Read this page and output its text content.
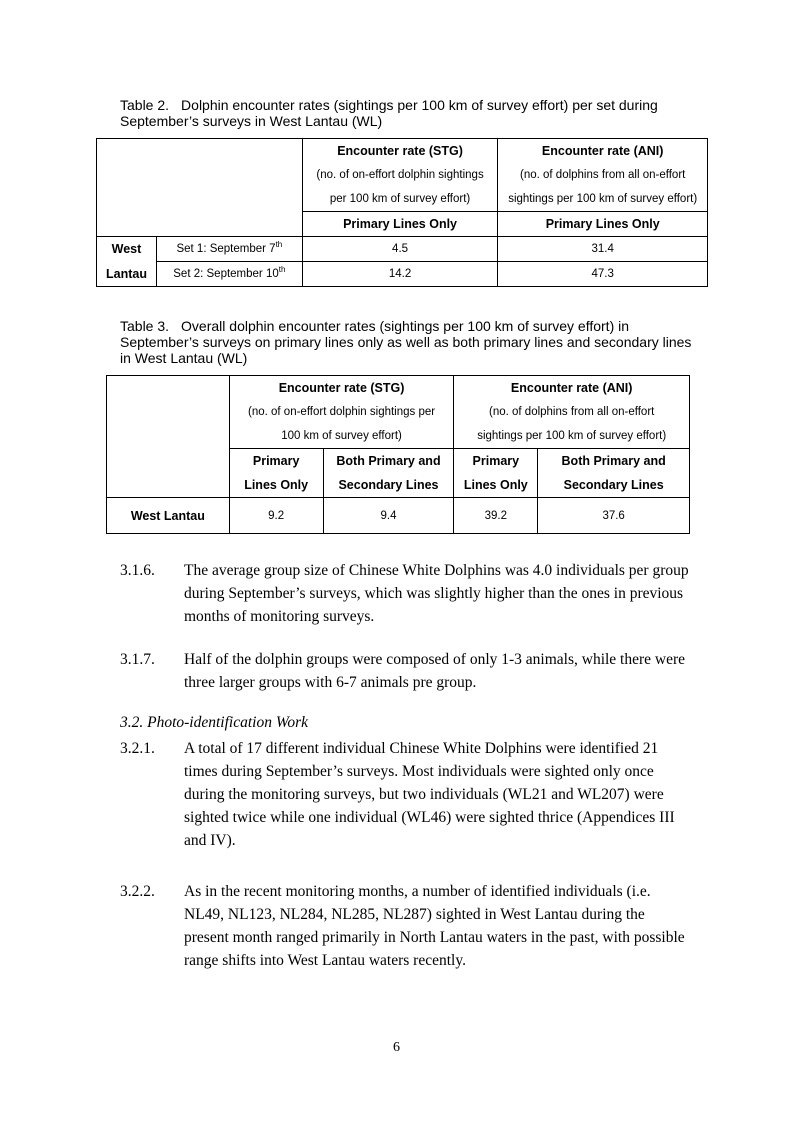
Table 2. Dolphin encounter rates (sightings per 100 km of survey effort) per set during September’s surveys in West Lantau (WL)

		Encounter rate (STG)	Encounter rate (ANI)

		(no. of on-effort dolphin sightings	(no. of dolphins from all on-effort

		per 100 km of survey effort)	sightings per 100 km of survey effort)

		Primary Lines Only	Primary Lines Only
West	Set 1: September 7th	4.5	31.4
Lantau	Set 2: September 10th	14.2	47.3
Table 3. Overall dolphin encounter rates (sightings per 100 km of survey effort) in September’s surveys on primary lines only as well as both primary lines and secondary lines in West Lantau (WL)

	Encounter rate (STG)		Encounter rate (ANI)	

	(no. of on-effort dolphin sightings per		(no. of dolphins from all on-effort	

	100 km of survey effort)		sightings per 100 km of survey effort)	

	Primary	Both Primary and	Primary	Both Primary and
	Lines Only	Secondary Lines	Lines Only	Secondary Lines
West Lantau	9.2	9.4	39.2	37.6
3.1.6. The average group size of Chinese White Dolphins was 4.0 individuals per group during September’s surveys, which was slightly higher than the ones in previous months of monitoring surveys.
3.1.7. Half of the dolphin groups were composed of only 1-3 animals, while there were three larger groups with 6-7 animals pre group.
3.2. Photo-identification Work
3.2.1. A total of 17 different individual Chinese White Dolphins were identified 21 times during September’s surveys. Most individuals were sighted only once during the monitoring surveys, but two individuals (WL21 and WL207) were sighted twice while one individual (WL46) were sighted thrice (Appendices III and IV).
3.2.2. As in the recent monitoring months, a number of identified individuals (i.e. NL49, NL123, NL284, NL285, NL287) sighted in West Lantau during the present month ranged primarily in North Lantau waters in the past, with possible range shifts into West Lantau waters recently.
6
